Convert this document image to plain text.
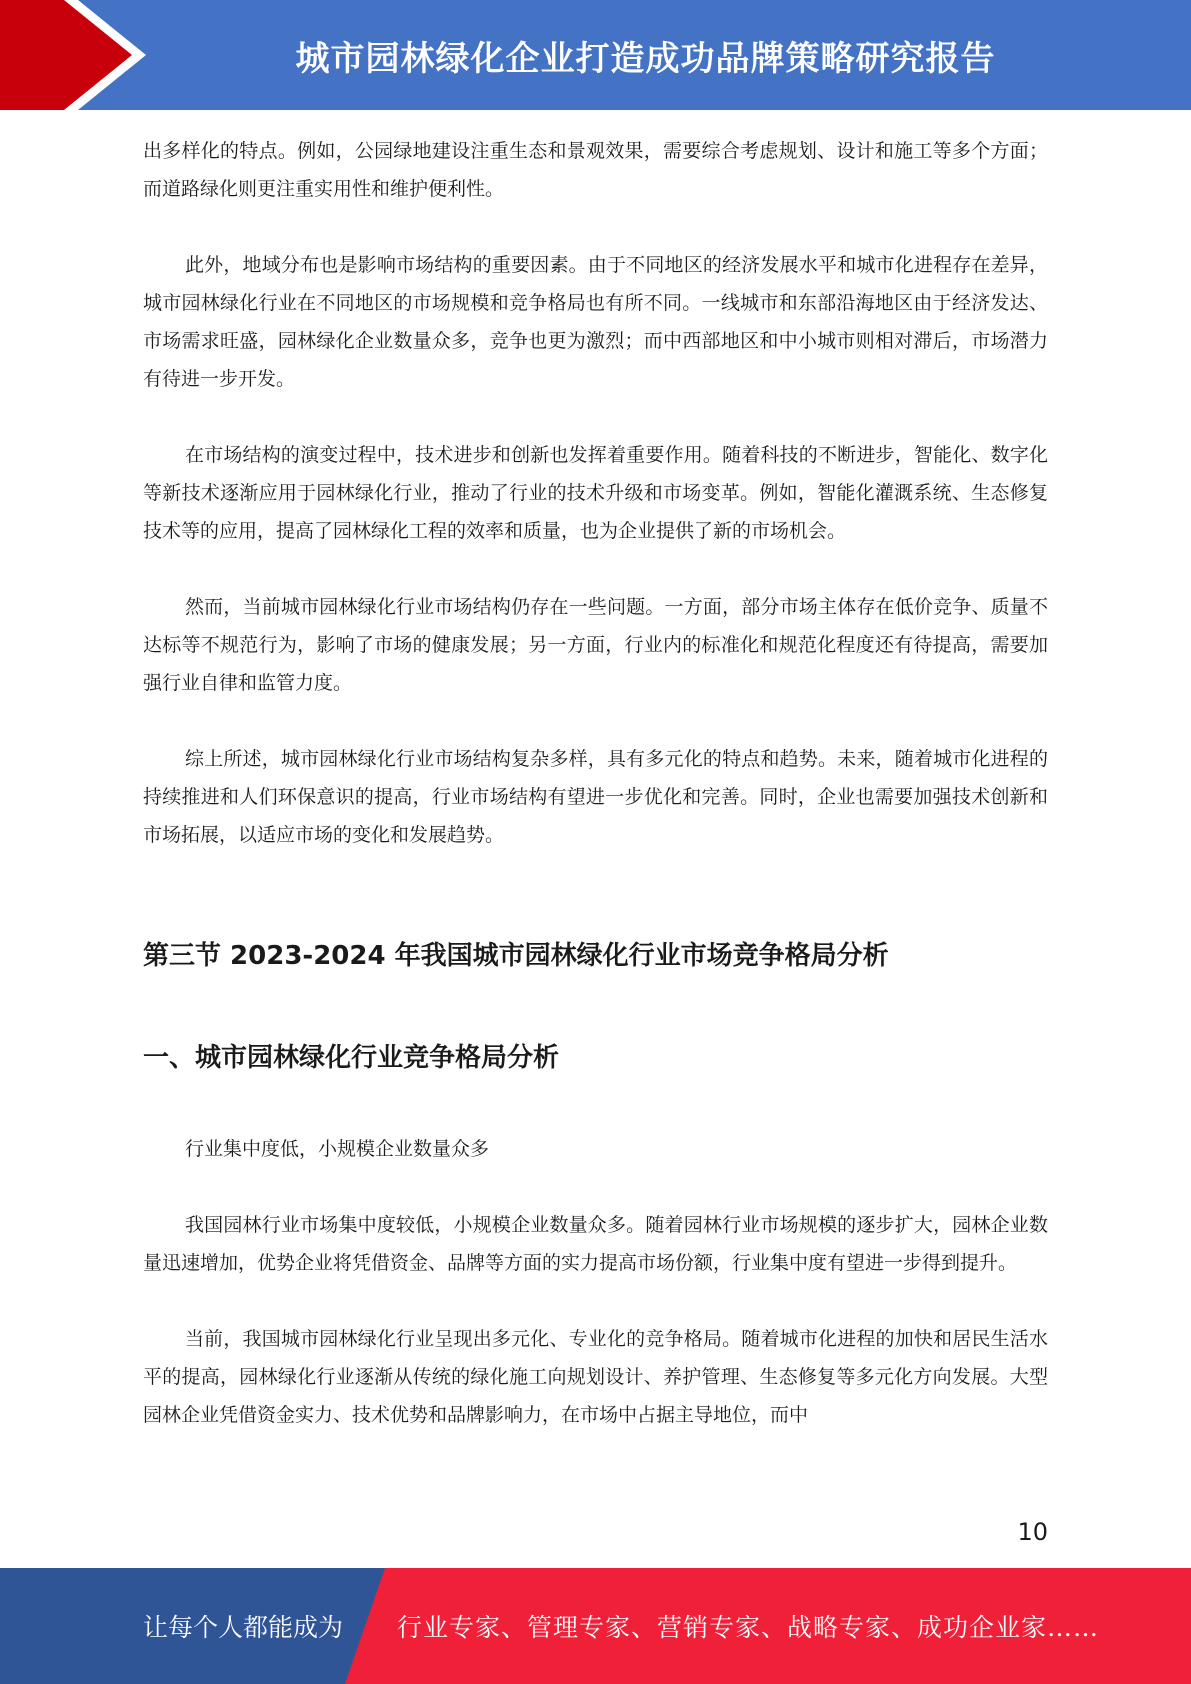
城市园林绿化企业打造成功品牌策略研究报告

出多样化的特点。例如，公园绿地建设注重生态和景观效果，需要综合考虑规划、设计和施工等多个方面；而道路绿化则更注重实用性和维护便利性。

此外，地域分布也是影响市场结构的重要因素。由于不同地区的经济发展水平和城市化进程存在差异，城市园林绿化行业在不同地区的市场规模和竞争格局也有所不同。一线城市和东部沿海地区由于经济发达、市场需求旺盛，园林绿化企业数量众多，竞争也更为激烈；而中西部地区和中小城市则相对滞后，市场潜力有待进一步开发。

在市场结构的演变过程中，技术进步和创新也发挥着重要作用。随着科技的不断进步，智能化、数字化等新技术逐渐应用于园林绿化行业，推动了行业的技术升级和市场变革。例如，智能化灌溉系统、生态修复技术等的应用，提高了园林绿化工程的效率和质量，也为企业提供了新的市场机会。

然而，当前城市园林绿化行业市场结构仍存在一些问题。一方面，部分市场主体存在低价竞争、质量不达标等不规范行为，影响了市场的健康发展；另一方面，行业内的标准化和规范化程度还有待提高，需要加强行业自律和监管力度。

综上所述，城市园林绿化行业市场结构复杂多样，具有多元化的特点和趋势。未来，随着城市化进程的持续推进和人们环保意识的提高，行业市场结构有望进一步优化和完善。同时，企业也需要加强技术创新和市场拓展，以适应市场的变化和发展趋势。

第三节 2023-2024 年我国城市园林绿化行业市场竞争格局分析
一、城市园林绿化行业竞争格局分析

行业集中度低，小规模企业数量众多

我国园林行业市场集中度较低，小规模企业数量众多。随着园林行业市场规模的逐步扩大，园林企业数量迅速增加，优势企业将凭借资金、品牌等方面的实力提高市场份额，行业集中度有望进一步得到提升。

当前，我国城市园林绿化行业呈现出多元化、专业化的竞争格局。随着城市化进程的加快和居民生活水平的提高，园林绿化行业逐渐从传统的绿化施工向规划设计、养护管理、生态修复等多元化方向发展。大型园林企业凭借资金实力、技术优势和品牌影响力，在市场中占据主导地位，而中

10
让每个人都能成为 行业专家、管理专家、营销专家、战略专家、成功企业家……
